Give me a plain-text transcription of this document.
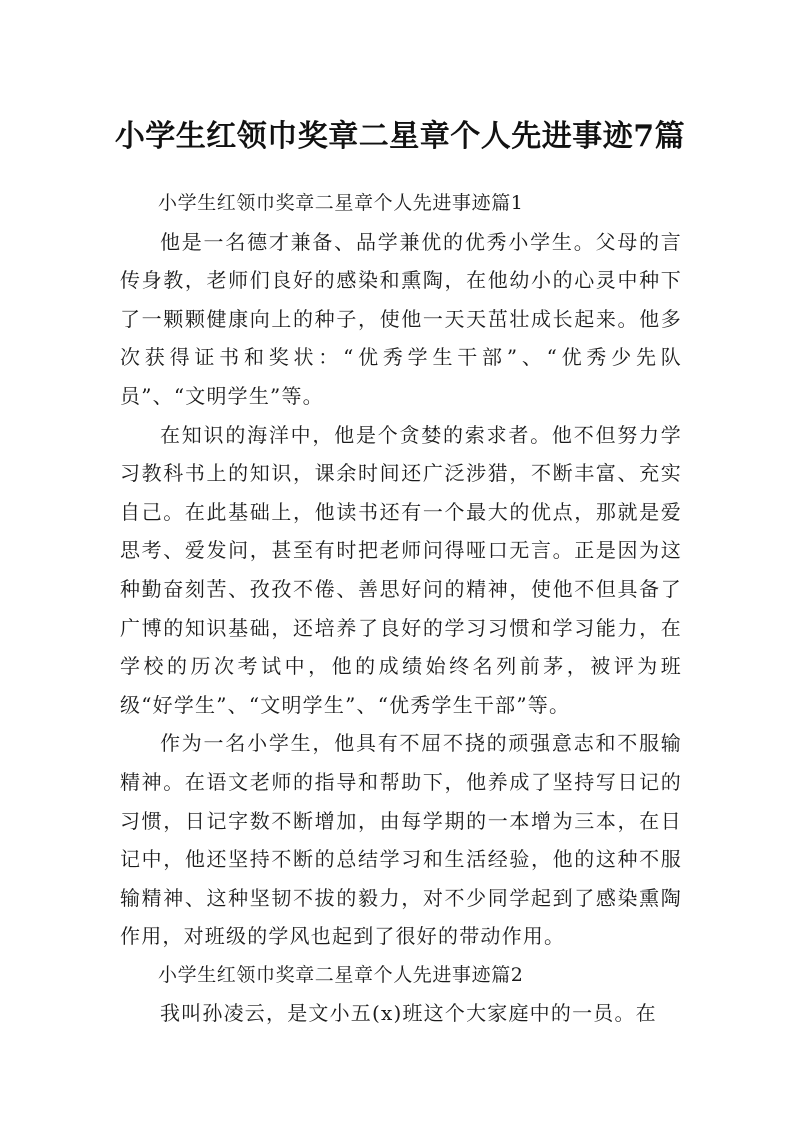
小学生红领巾奖章二星章个人先进事迹7篇

小学生红领巾奖章二星章个人先进事迹篇1

他是一名德才兼备、品学兼优的优秀小学生。父母的言传身教，老师们良好的感染和熏陶，在他幼小的心灵中种下了一颗颗健康向上的种子，使他一天天茁壮成长起来。他多次获得证书和奖状：“优秀学生干部”、“优秀少先队员”、“文明学生”等。

在知识的海洋中，他是个贪婪的索求者。他不但努力学习教科书上的知识，课余时间还广泛涉猎，不断丰富、充实自己。在此基础上，他读书还有一个最大的优点，那就是爱思考、爱发问，甚至有时把老师问得哑口无言。正是因为这种勤奋刻苦、孜孜不倦、善思好问的精神，使他不但具备了广博的知识基础，还培养了良好的学习习惯和学习能力，在学校的历次考试中，他的成绩始终名列前茅，被评为班级“好学生”、“文明学生”、“优秀学生干部”等。

作为一名小学生，他具有不屈不挠的顽强意志和不服输精神。在语文老师的指导和帮助下，他养成了坚持写日记的习惯，日记字数不断增加，由每学期的一本增为三本，在日记中，他还坚持不断的总结学习和生活经验，他的这种不服输精神、这种坚韧不拔的毅力，对不少同学起到了感染熏陶作用，对班级的学风也起到了很好的带动作用。

小学生红领巾奖章二星章个人先进事迹篇2

我叫孙凌云，是文小五(x)班这个大家庭中的一员。在
